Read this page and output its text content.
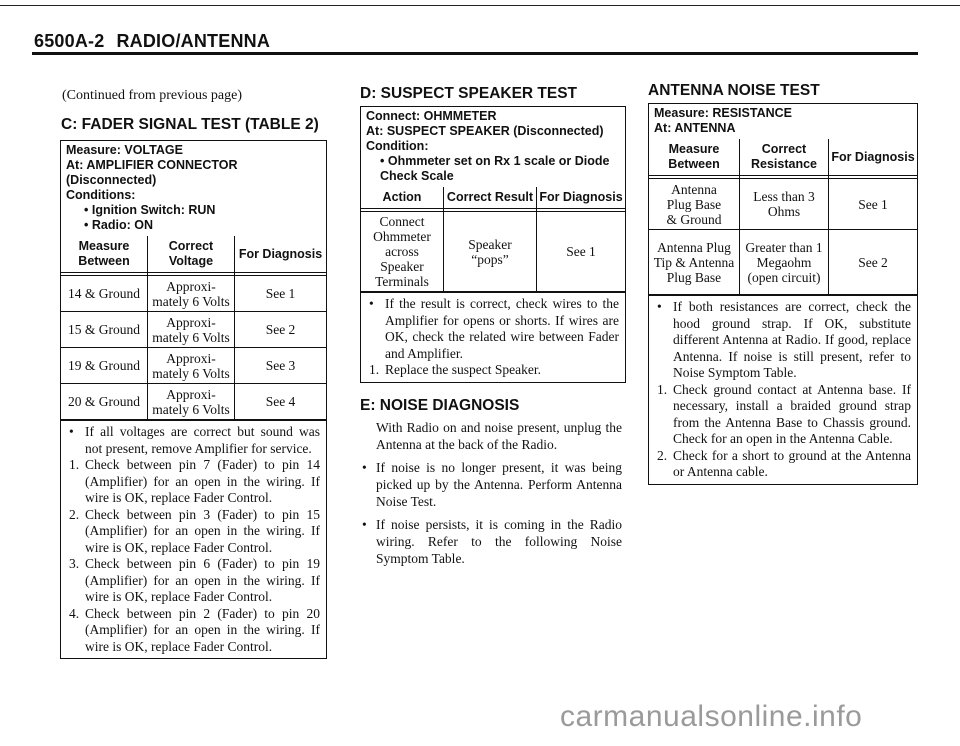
6500A-2 RADIO/ANTENNA
(Continued from previous page)
C: FADER SIGNAL TEST (TABLE 2)
Measure: VOLTAGE
At: AMPLIFIER CONNECTOR (Disconnected)
Conditions:
• Ignition Switch: RUN
• Radio: ON
Measure Between	Correct Voltage	For Diagnosis

14 & Ground	Approxi-mately 6 Volts	See 1
15 & Ground	Approxi-mately 6 Volts	See 2
19 & Ground	Approxi-mately 6 Volts	See 3
20 & Ground	Approxi-mately 6 Volts	See 4
• If all voltages are correct but sound was not present, remove Amplifier for service.
1. Check between pin 7 (Fader) to pin 14 (Amplifier) for an open in the wiring. If wire is OK, replace Fader Control.
2. Check between pin 3 (Fader) to pin 15 (Amplifier) for an open in the wiring. If wire is OK, replace Fader Control.
3. Check between pin 6 (Fader) to pin 19 (Amplifier) for an open in the wiring. If wire is OK, replace Fader Control.
4. Check between pin 2 (Fader) to pin 20 (Amplifier) for an open in the wiring. If wire is OK, replace Fader Control.
D: SUSPECT SPEAKER TEST
Connect: OHMMETER
At: SUSPECT SPEAKER (Disconnected)
Condition:
• Ohmmeter set on Rx 1 scale or Diode Check Scale
Action	Correct Result	For Diagnosis

Connect Ohmmeter across Speaker Terminals	Speaker “pops”	See 1
• If the result is correct, check wires to the Amplifier for opens or shorts. If wires are OK, check the related wire between Fader and Amplifier.
1. Replace the suspect Speaker.
E: NOISE DIAGNOSIS
With Radio on and noise present, unplug the Antenna at the back of the Radio.
• If noise is no longer present, it was being picked up by the Antenna. Perform Antenna Noise Test.
• If noise persists, it is coming in the Radio wiring. Refer to the following Noise Symptom Table.
ANTENNA NOISE TEST
Measure: RESISTANCE
At: ANTENNA
Measure Between	Correct Resistance	For Diagnosis

Antenna Plug Base & Ground	Less than 3 Ohms	See 1
Antenna Plug Tip & Antenna Plug Base	Greater than 1 Megaohm (open circuit)	See 2
• If both resistances are correct, check the hood ground strap. If OK, substitute different Antenna at Radio. If good, replace Antenna. If noise is still present, refer to Noise Symptom Table.
1. Check ground contact at Antenna base. If necessary, install a braided ground strap from the Antenna Base to Chassis ground. Check for an open in the Antenna Cable.
2. Check for a short to ground at the Antenna or Antenna cable.
carmanualsonline.info
